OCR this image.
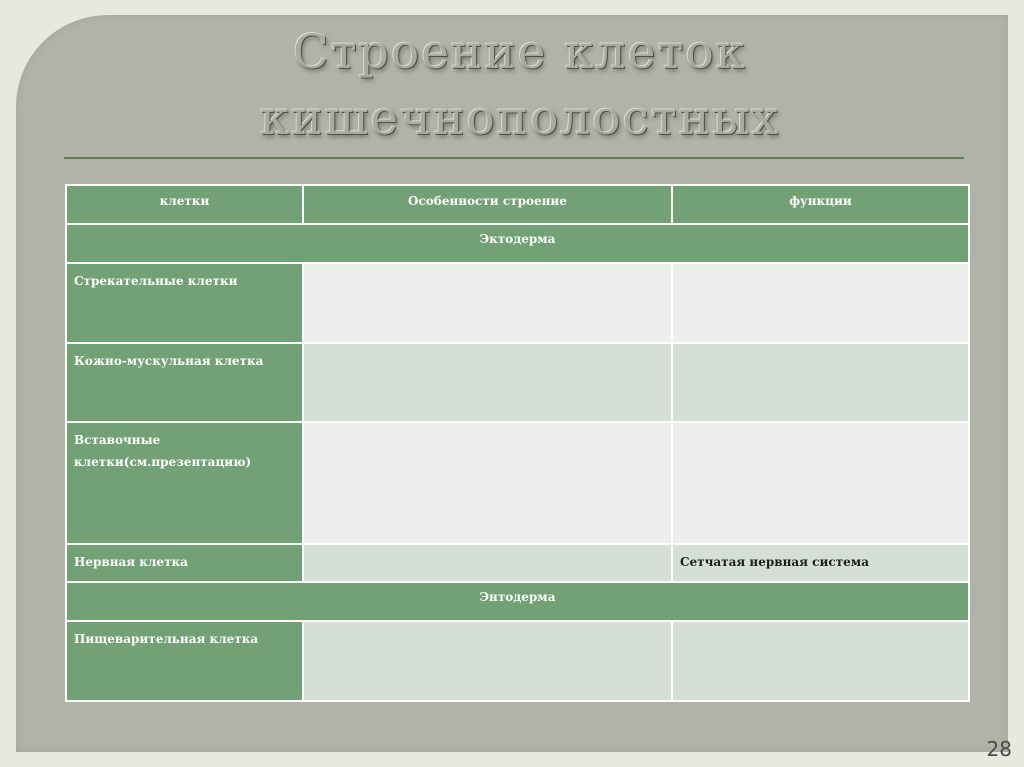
Строение клеток
кишечнополостных
клетки	Особенности строение	функции

Эктодерма		

Стрекательные клетки		

Кожно-мускульная клетка		

Вставочные клетки(см.презентацию)		

Нервная клетка		Сетчатая нервная система

Энтодерма		

Пищеварительная клетка		

28
